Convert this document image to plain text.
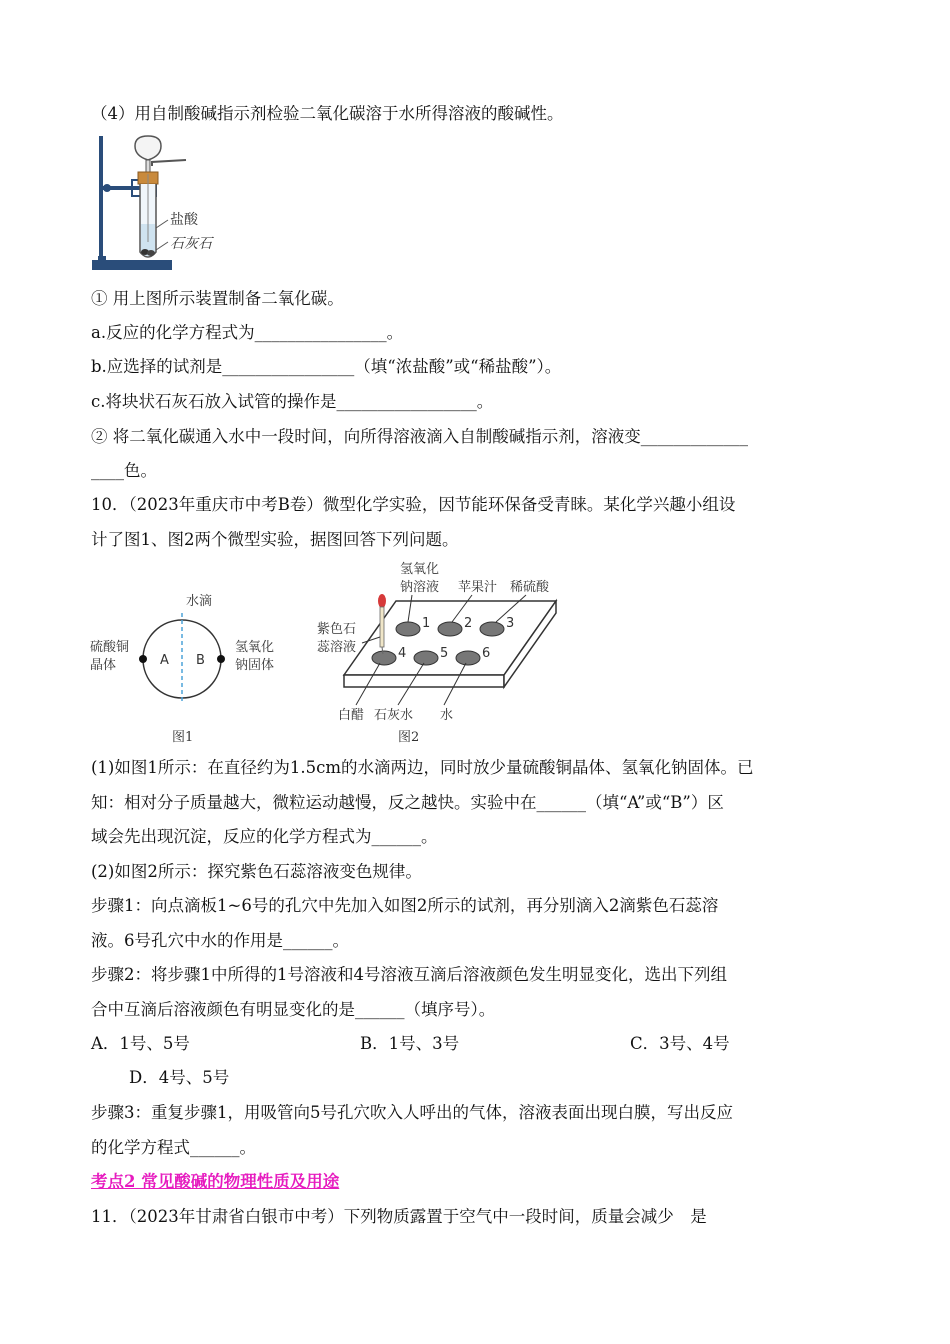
（4）用自制酸碱指示剂检验二氧化碳溶于水所得溶液的酸碱性。
盐酸
石灰石
① 用上图所示装置制备二氧化碳。
a.反应的化学方程式为________________。
b.应选择的试剂是________________（填“浓盐酸”或“稀盐酸”）。
c.将块状石灰石放入试管的操作是_________________。
② 将二氧化碳通入水中一段时间，向所得溶液滴入自制酸碱指示剂，溶液变_____________
____色。
10．（2023年重庆市中考B卷）微型化学实验，因节能环保备受青睐。某化学兴趣小组设
计了图1、图2两个微型实验，据图回答下列问题。
水滴
A B
硫酸铜
晶体
氢氧化
钠固体
图1
氢氧化
钠溶液 苹果汁 稀硫酸
紫色石
蕊溶液
1	2	3
4	5	6
白醋 石灰水 水
图2
(1)如图1所示：在直径约为1.5cm的水滴两边，同时放少量硫酸铜晶体、氢氧化钠固体。已
知：相对分子质量越大，微粒运动越慢，反之越快。实验中在______（填“A”或“B”）区
域会先出现沉淀，反应的化学方程式为______。
(2)如图2所示：探究紫色石蕊溶液变色规律。
步骤1：向点滴板1~6号的孔穴中先加入如图2所示的试剂，再分别滴入2滴紫色石蕊溶
液。6号孔穴中水的作用是______。
步骤2：将步骤1中所得的1号溶液和4号溶液互滴后溶液颜色发生明显变化，选出下列组
合中互滴后溶液颜色有明显变化的是______（填序号）。
A．1号、5号	B．1号、3号	C．3号、4号
D．4号、5号
步骤3：重复步骤1，用吸管向5号孔穴吹入人呼出的气体，溶液表面出现白膜，写出反应
的化学方程式______。
考点2 常见酸碱的物理性质及用途
11．（2023年甘肃省白银市中考）下列物质露置于空气中一段时间，质量会减少　是
